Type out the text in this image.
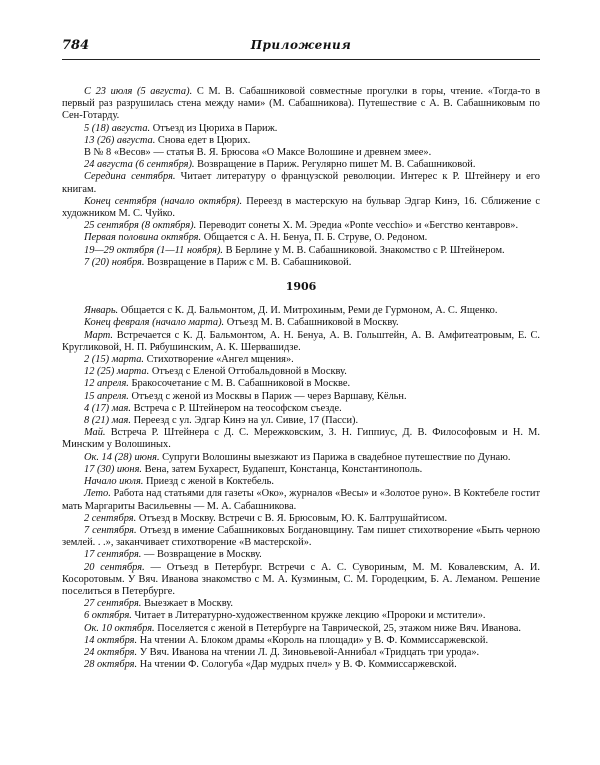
784	Приложения

С 23 июля (5 августа). С М. В. Сабашниковой совместные прогулки в горы, чтение. «Тогда-то в первый раз разрушилась стена между нами» (М. Сабашникова). Путешествие с А. В. Сабашниковым по Сен-Готарду.

5 (18) августа. Отъезд из Цюриха в Париж.

13 (26) августа. Снова едет в Цюрих.

В № 8 «Весов» — статья В. Я. Брюсова «О Максе Волошине и древнем змее».

24 августа (6 сентября). Возвращение в Париж. Регулярно пишет М. В. Сабашниковой.

Середина сентября. Читает литературу о французской революции. Интерес к Р. Штейнеру и его книгам.

Конец сентября (начало октября). Переезд в мастерскую на бульвар Эдгар Кинэ, 16. Сближение с художником М. С. Чуйко.

25 сентября (8 октября). Переводит сонеты Х. М. Эредиа «Ponte vecchio» и «Бегство кентавров».

Первая половина октября. Общается с А. Н. Бенуа, П. Б. Струве, О. Редоном.

19—29 октября (1—11 ноября). В Берлине у М. В. Сабашниковой. Знакомство с Р. Штейнером.

7 (20) ноября. Возвращение в Париж с М. В. Сабашниковой.

1906

Январь. Общается с К. Д. Бальмонтом, Д. И. Митрохиным, Реми де Гурмоном, А. С. Ященко.

Конец февраля (начало марта). Отъезд М. В. Сабашниковой в Москву.

Март. Встречается с К. Д. Бальмонтом, А. Н. Бенуа, А. В. Гольштейн, А. В. Амфитеатровым, Е. С. Кругликовой, Н. П. Рябушинским, А. К. Шервашидзе.

2 (15) марта. Стихотворение «Ангел мщения».

12 (25) марта. Отъезд с Еленой Оттобальдовной в Москву.

12 апреля. Бракосочетание с М. В. Сабашниковой в Москве.

15 апреля. Отъезд с женой из Москвы в Париж — через Варшаву, Кёльн.

4 (17) мая. Встреча с Р. Штейнером на теософском съезде.

8 (21) мая. Переезд с ул. Эдгар Кинэ на ул. Сивие, 17 (Пасси).

Май. Встреча Р. Штейнера с Д. С. Мережковским, З. Н. Гиппиус, Д. В. Философовым и Н. М. Минским у Волошиных.

Ок. 14 (28) июня. Супруги Волошины выезжают из Парижа в свадебное путешествие по Дунаю.

17 (30) июня. Вена, затем Бухарест, Будапешт, Констанца, Константинополь.

Начало июля. Приезд с женой в Коктебель.

Лето. Работа над статьями для газеты «Око», журналов «Весы» и «Золотое руно». В Коктебеле гостит мать Маргариты Васильевны — М. А. Сабашникова.

2 сентября. Отъезд в Москву. Встречи с В. Я. Брюсовым, Ю. К. Балтрушайтисом.

7 сентября. Отъезд в имение Сабашниковых Богдановщину. Там пишет стихотворение «Быть черною землей. . .», заканчивает стихотворение «В мастерской».

17 сентября. — Возвращение в Москву.

20 сентября. — Отъезд в Петербург. Встречи с А. С. Сувориным, М. М. Ковалевским, А. И. Косоротовым. У Вяч. Иванова знакомство с М. А. Кузминым, С. М. Городецким, Б. А. Леманом. Решение поселиться в Петербурге.

27 сентября. Выезжает в Москву.

6 октября. Читает в Литературно-художественном кружке лекцию «Пророки и мстители».

Ок. 10 октября. Поселяется с женой в Петербурге на Таврической, 25, этажом ниже Вяч. Иванова.

14 октября. На чтении А. Блоком драмы «Король на площади» у В. Ф. Коммиссаржевской.

24 октября. У Вяч. Иванова на чтении Л. Д. Зиновьевой-Аннибал «Тридцать три урода».

28 октября. На чтении Ф. Сологуба «Дар мудрых пчел» у В. Ф. Коммиссаржевской.
